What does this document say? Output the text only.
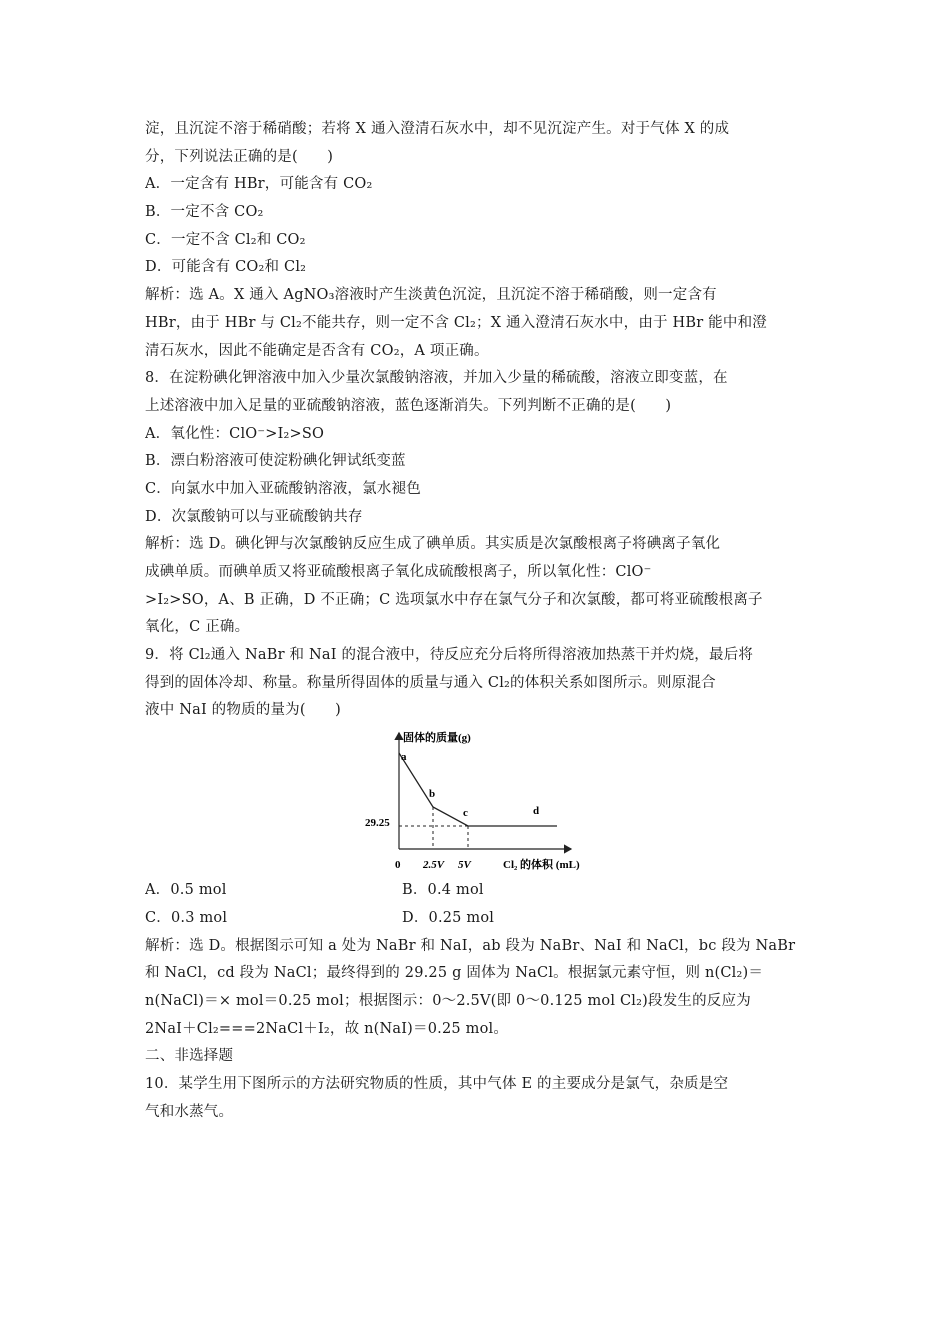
淀，且沉淀不溶于稀硝酸；若将 X 通入澄清石灰水中，却不见沉淀产生。对于气体 X 的成
分，下列说法正确的是(　　)
A．一定含有 HBr，可能含有 CO₂
B．一定不含 CO₂
C．一定不含 Cl₂和 CO₂
D．可能含有 CO₂和 Cl₂
解析：选 A。X 通入 AgNO₃溶液时产生淡黄色沉淀，且沉淀不溶于稀硝酸，则一定含有
HBr，由于 HBr 与 Cl₂不能共存，则一定不含 Cl₂；X 通入澄清石灰水中，由于 HBr 能中和澄
清石灰水，因此不能确定是否含有 CO₂，A 项正确。
8．在淀粉碘化钾溶液中加入少量次氯酸钠溶液，并加入少量的稀硫酸，溶液立即变蓝，在
上述溶液中加入足量的亚硫酸钠溶液，蓝色逐渐消失。下列判断不正确的是(　　)
A．氧化性：ClO⁻>I₂>SO
B．漂白粉溶液可使淀粉碘化钾试纸变蓝
C．向氯水中加入亚硫酸钠溶液，氯水褪色
D．次氯酸钠可以与亚硫酸钠共存
解析：选 D。碘化钾与次氯酸钠反应生成了碘单质。其实质是次氯酸根离子将碘离子氧化
成碘单质。而碘单质又将亚硫酸根离子氧化成硫酸根离子，所以氧化性：ClO⁻
>I₂>SO，A、B 正确，D 不正确；C 选项氯水中存在氯气分子和次氯酸，都可将亚硫酸根离子
氧化，C 正确。
9．将 Cl₂通入 NaBr 和 NaI 的混合液中，待反应充分后将所得溶液加热蒸干并灼烧，最后将
得到的固体冷却、称量。称量所得固体的质量与通入 Cl₂的体积关系如图所示。则原混合
液中 NaI 的物质的量为(　　)
固体的质量(g)
Cl₂ 的体积 (mL)
0
29.25
2.5V 5V
a
b
c	d
A．0.5 mol	B．0.4 mol
C．0.3 mol	D．0.25 mol
解析：选 D。根据图示可知 a 处为 NaBr 和 NaI，ab 段为 NaBr、NaI 和 NaCl，bc 段为 NaBr
和 NaCl，cd 段为 NaCl；最终得到的 29.25 g 固体为 NaCl。根据氯元素守恒，则 n(Cl₂)＝
n(NaCl)＝× mol＝0.25 mol；根据图示：0～2.5V(即 0～0.125 mol Cl₂)段发生的反应为
2NaI＋Cl₂===2NaCl＋I₂，故 n(NaI)＝0.25 mol。
二、非选择题
10．某学生用下图所示的方法研究物质的性质，其中气体 E 的主要成分是氯气，杂质是空
气和水蒸气。
